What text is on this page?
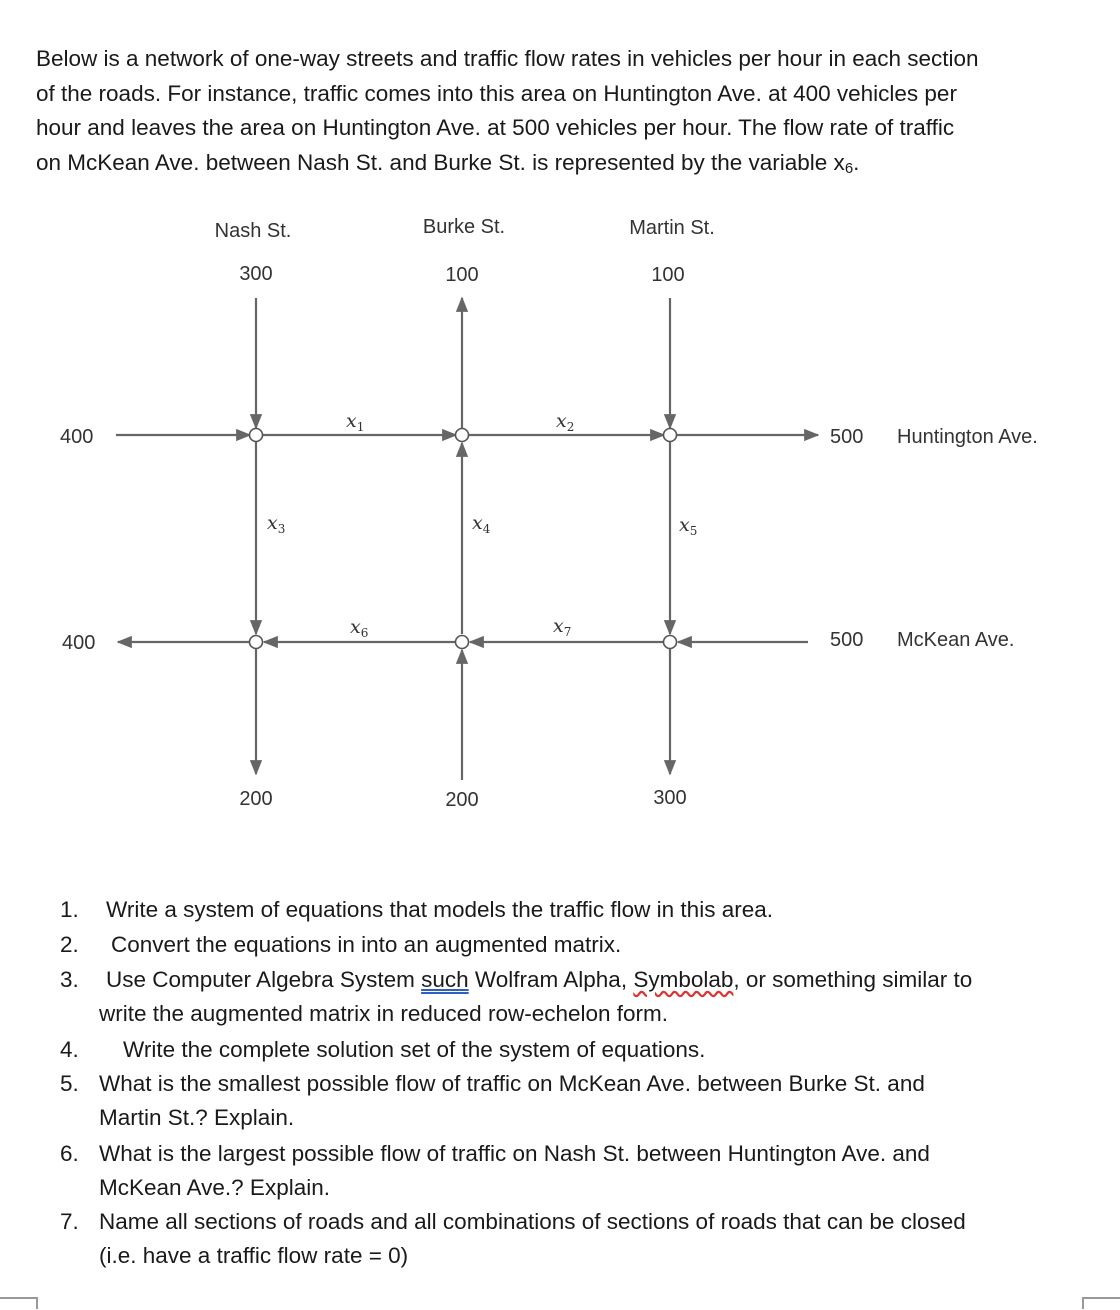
Below is a network of one-way streets and traffic flow rates in vehicles per hour in each section
of the roads. For instance, traffic comes into this area on Huntington Ave. at 400 vehicles per
hour and leaves the area on Huntington Ave. at 500 vehicles per hour. The flow rate of traffic
on McKean Ave. between Nash St. and Burke St. is represented by the variable $x_6$.
Nash St.	Burke St.	Martin St.
300	100	100
200	200	300
400
400
500
500
Huntington Ave.
McKean Ave.
$x_1$	$x_2$
$x_3$	$x_4$	$x_5$
$x_6$	$x_7$
1. Write a system of equations that models the traffic flow in this area.
2. Convert the equations in into an augmented matrix.
3. Use Computer Algebra System such Wolfram Alpha, Symbolab, or something similar to
write the augmented matrix in reduced row-echelon form.
4. Write the complete solution set of the system of equations.
5. What is the smallest possible flow of traffic on McKean Ave. between Burke St. and
Martin St.? Explain.
6. What is the largest possible flow of traffic on Nash St. between Huntington Ave. and
McKean Ave.? Explain.
7. Name all sections of roads and all combinations of sections of roads that can be closed
(i.e. have a traffic flow rate = 0)
